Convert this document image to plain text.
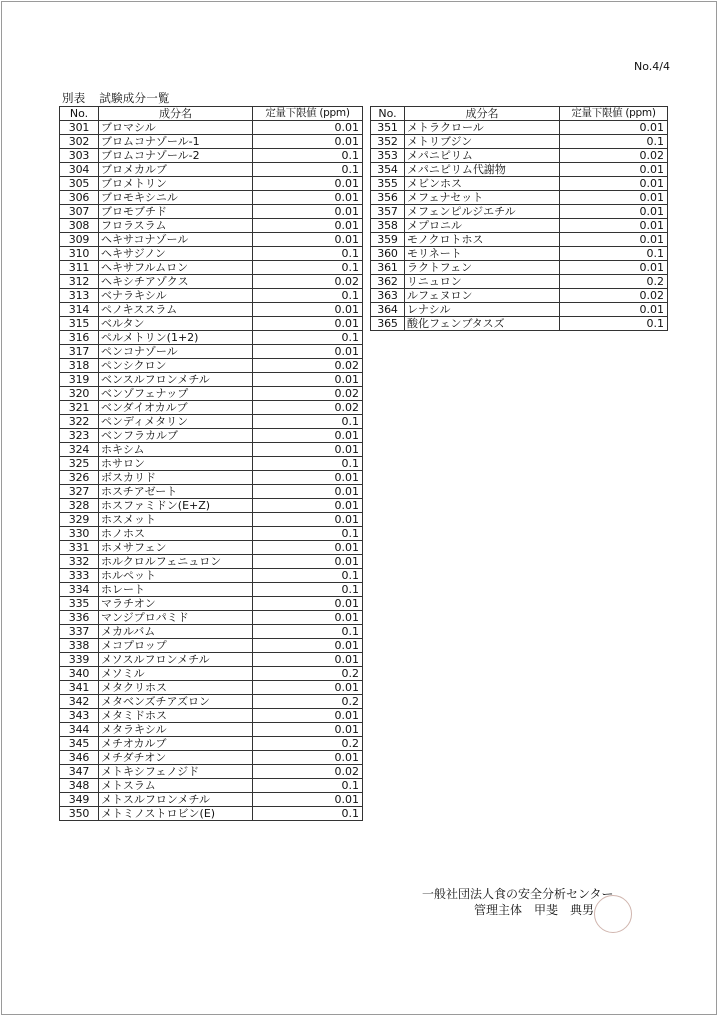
No.4/4
別表 試験成分一覧
No.	成分名	定量下限値 (ppm)
301	ブロマシル	0.01
302	ブロムコナゾール-1	0.01
303	ブロムコナゾール-2	0.1
304	ブロメカルブ	0.1
305	ブロメトリン	0.01
306	ブロモキシニル	0.01
307	ブロモブチド	0.01
308	フロラスラム	0.01
309	ヘキサコナゾール	0.01
310	ヘキサジノン	0.1
311	ヘキサフルムロン	0.1
312	ヘキシチアゾクス	0.02
313	ベナラキシル	0.1
314	ペノキススラム	0.01
315	ベルタン	0.01
316	ペルメトリン(1+2)	0.1
317	ペンコナゾール	0.01
318	ペンシクロン	0.02
319	ベンスルフロンメチル	0.01
320	ベンゾフェナップ	0.02
321	ベンダイオカルブ	0.02
322	ペンディメタリン	0.1
323	ベンフラカルブ	0.01
324	ホキシム	0.01
325	ホサロン	0.1
326	ボスカリド	0.01
327	ホスチアゼート	0.01
328	ホスファミドン(E+Z)	0.01
329	ホスメット	0.01
330	ホノホス	0.1
331	ホメサフェン	0.01
332	ホルクロルフェニュロン	0.01
333	ホルペット	0.1
334	ホレート	0.1
335	マラチオン	0.01
336	マンジプロパミド	0.01
337	メカルバム	0.1
338	メコプロップ	0.01
339	メソスルフロンメチル	0.01
340	メソミル	0.2
341	メタクリホス	0.01
342	メタベンズチアズロン	0.2
343	メタミドホス	0.01
344	メタラキシル	0.01
345	メチオカルブ	0.2
346	メチダチオン	0.01
347	メトキシフェノジド	0.02
348	メトスラム	0.1
349	メトスルフロンメチル	0.01
350	メトミノストロビン(E)	0.1
No.	成分名	定量下限値 (ppm)
351	メトラクロール	0.01
352	メトリブジン	0.1
353	メパニピリム	0.02
354	メパニピリム代謝物	0.01
355	メビンホス	0.01
356	メフェナセット	0.01
357	メフェンピルジエチル	0.01
358	メプロニル	0.01
359	モノクロトホス	0.01
360	モリネート	0.1
361	ラクトフェン	0.01
362	リニュロン	0.2
363	ルフェヌロン	0.02
364	レナシル	0.01
365	酸化フェンブタスズ	0.1
一般社団法人食の安全分析センター
管理主体　甲斐　典男
